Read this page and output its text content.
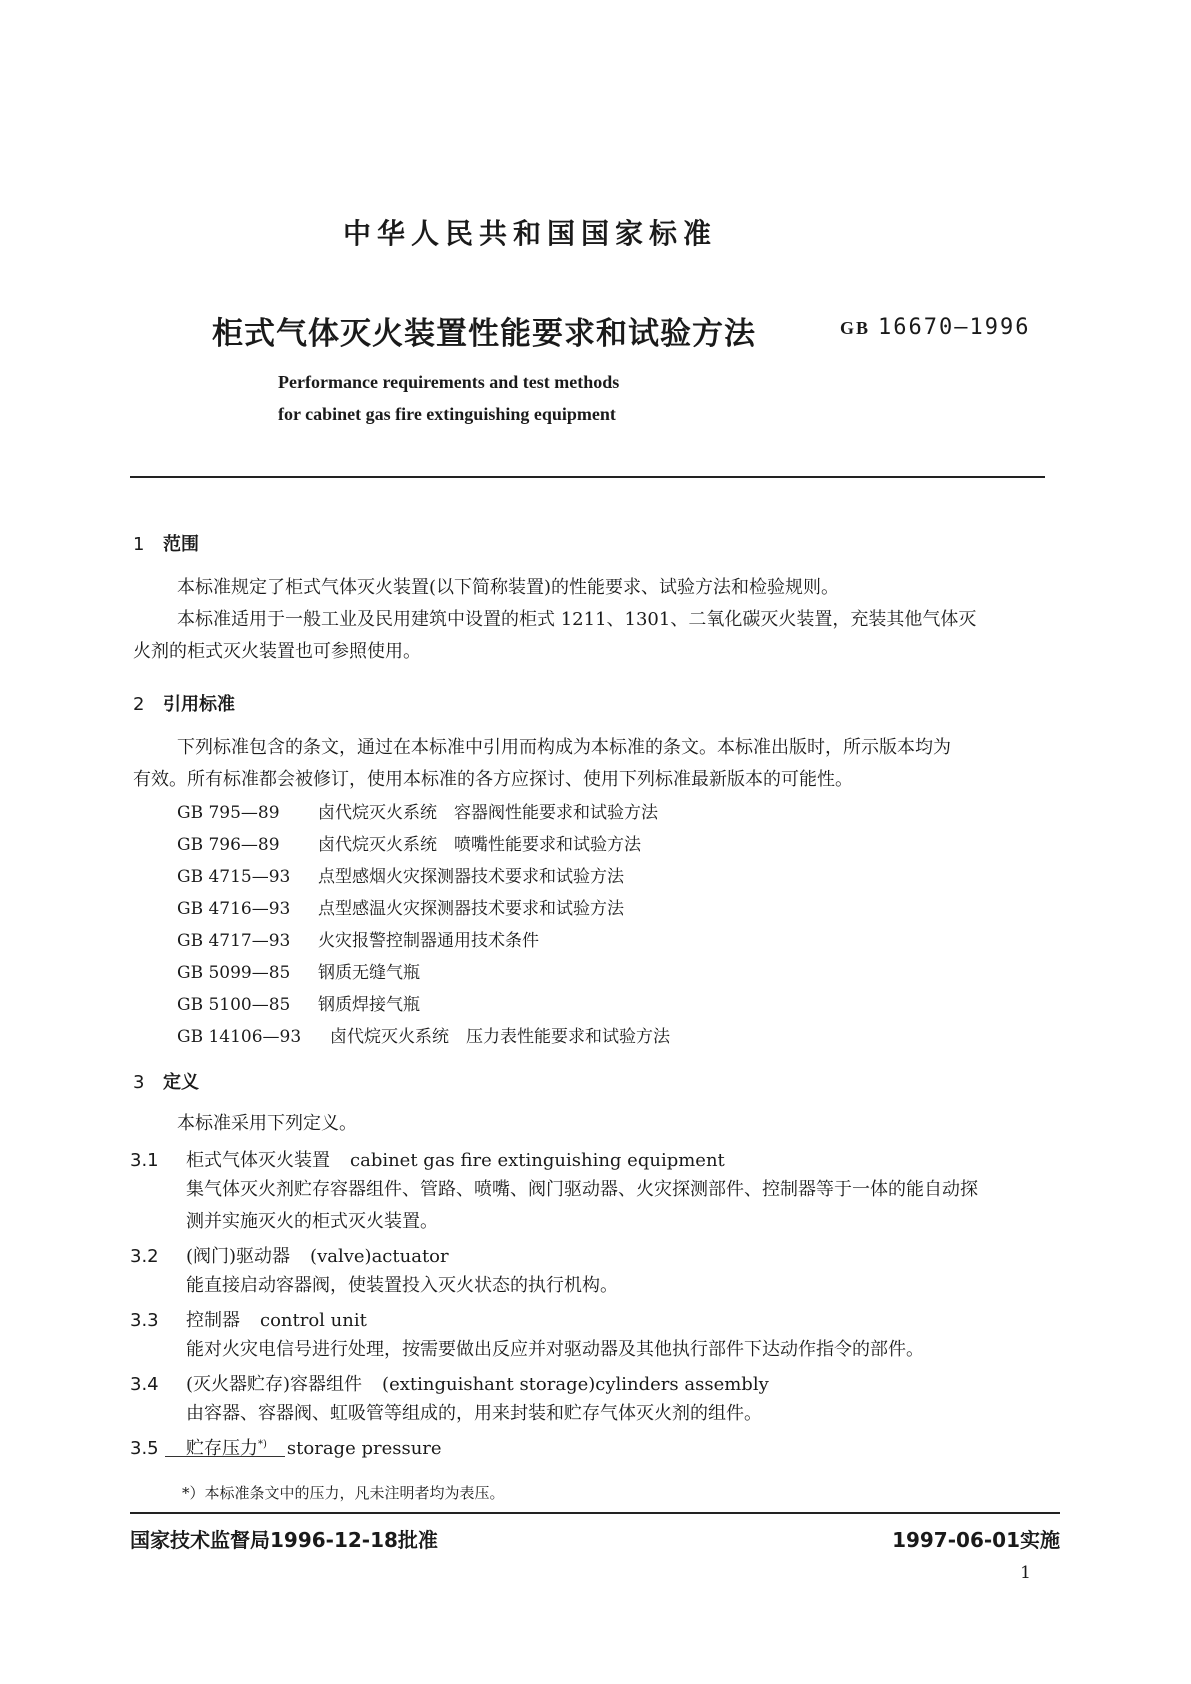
中华人民共和国国家标准
柜式气体灭火装置性能要求和试验方法	GB 16670—1996
Performance requirements and test methods
for cabinet gas fire extinguishing equipment
1 范围
本标准规定了柜式气体灭火装置(以下简称装置)的性能要求、试验方法和检验规则。
本标准适用于一般工业及民用建筑中设置的柜式 1211、1301、二氧化碳灭火装置，充装其他气体灭
火剂的柜式灭火装置也可参照使用。
2 引用标准
下列标准包含的条文，通过在本标准中引用而构成为本标准的条文。本标准出版时，所示版本均为
有效。所有标准都会被修订，使用本标准的各方应探讨、使用下列标准最新版本的可能性。
GB 795—89 卤代烷灭火系统　容器阀性能要求和试验方法
GB 796—89 卤代烷灭火系统　喷嘴性能要求和试验方法
GB 4715—93 点型感烟火灾探测器技术要求和试验方法
GB 4716—93 点型感温火灾探测器技术要求和试验方法
GB 4717—93 火灾报警控制器通用技术条件
GB 5099—85 钢质无缝气瓶
GB 5100—85 钢质焊接气瓶
GB 14106—93 卤代烷灭火系统　压力表性能要求和试验方法
3 定义
本标准采用下列定义。
3.1 柜式气体灭火装置 cabinet gas fire extinguishing equipment
集气体灭火剂贮存容器组件、管路、喷嘴、阀门驱动器、火灾探测部件、控制器等于一体的能自动探
测并实施灭火的柜式灭火装置。
3.2 (阀门)驱动器 (valve)actuator
能直接启动容器阀，使装置投入灭火状态的执行机构。
3.3 控制器 control unit
能对火灾电信号进行处理，按需要做出反应并对驱动器及其他执行部件下达动作指令的部件。
3.4 (灭火器贮存)容器组件 (extinguishant storage)cylinders assembly
由容器、容器阀、虹吸管等组成的，用来封装和贮存气体灭火剂的组件。
3.5 贮存压力*) storage pressure
*）本标准条文中的压力，凡未注明者均为表压。
国家技术监督局1996-12-18批准	1997-06-01实施
1
